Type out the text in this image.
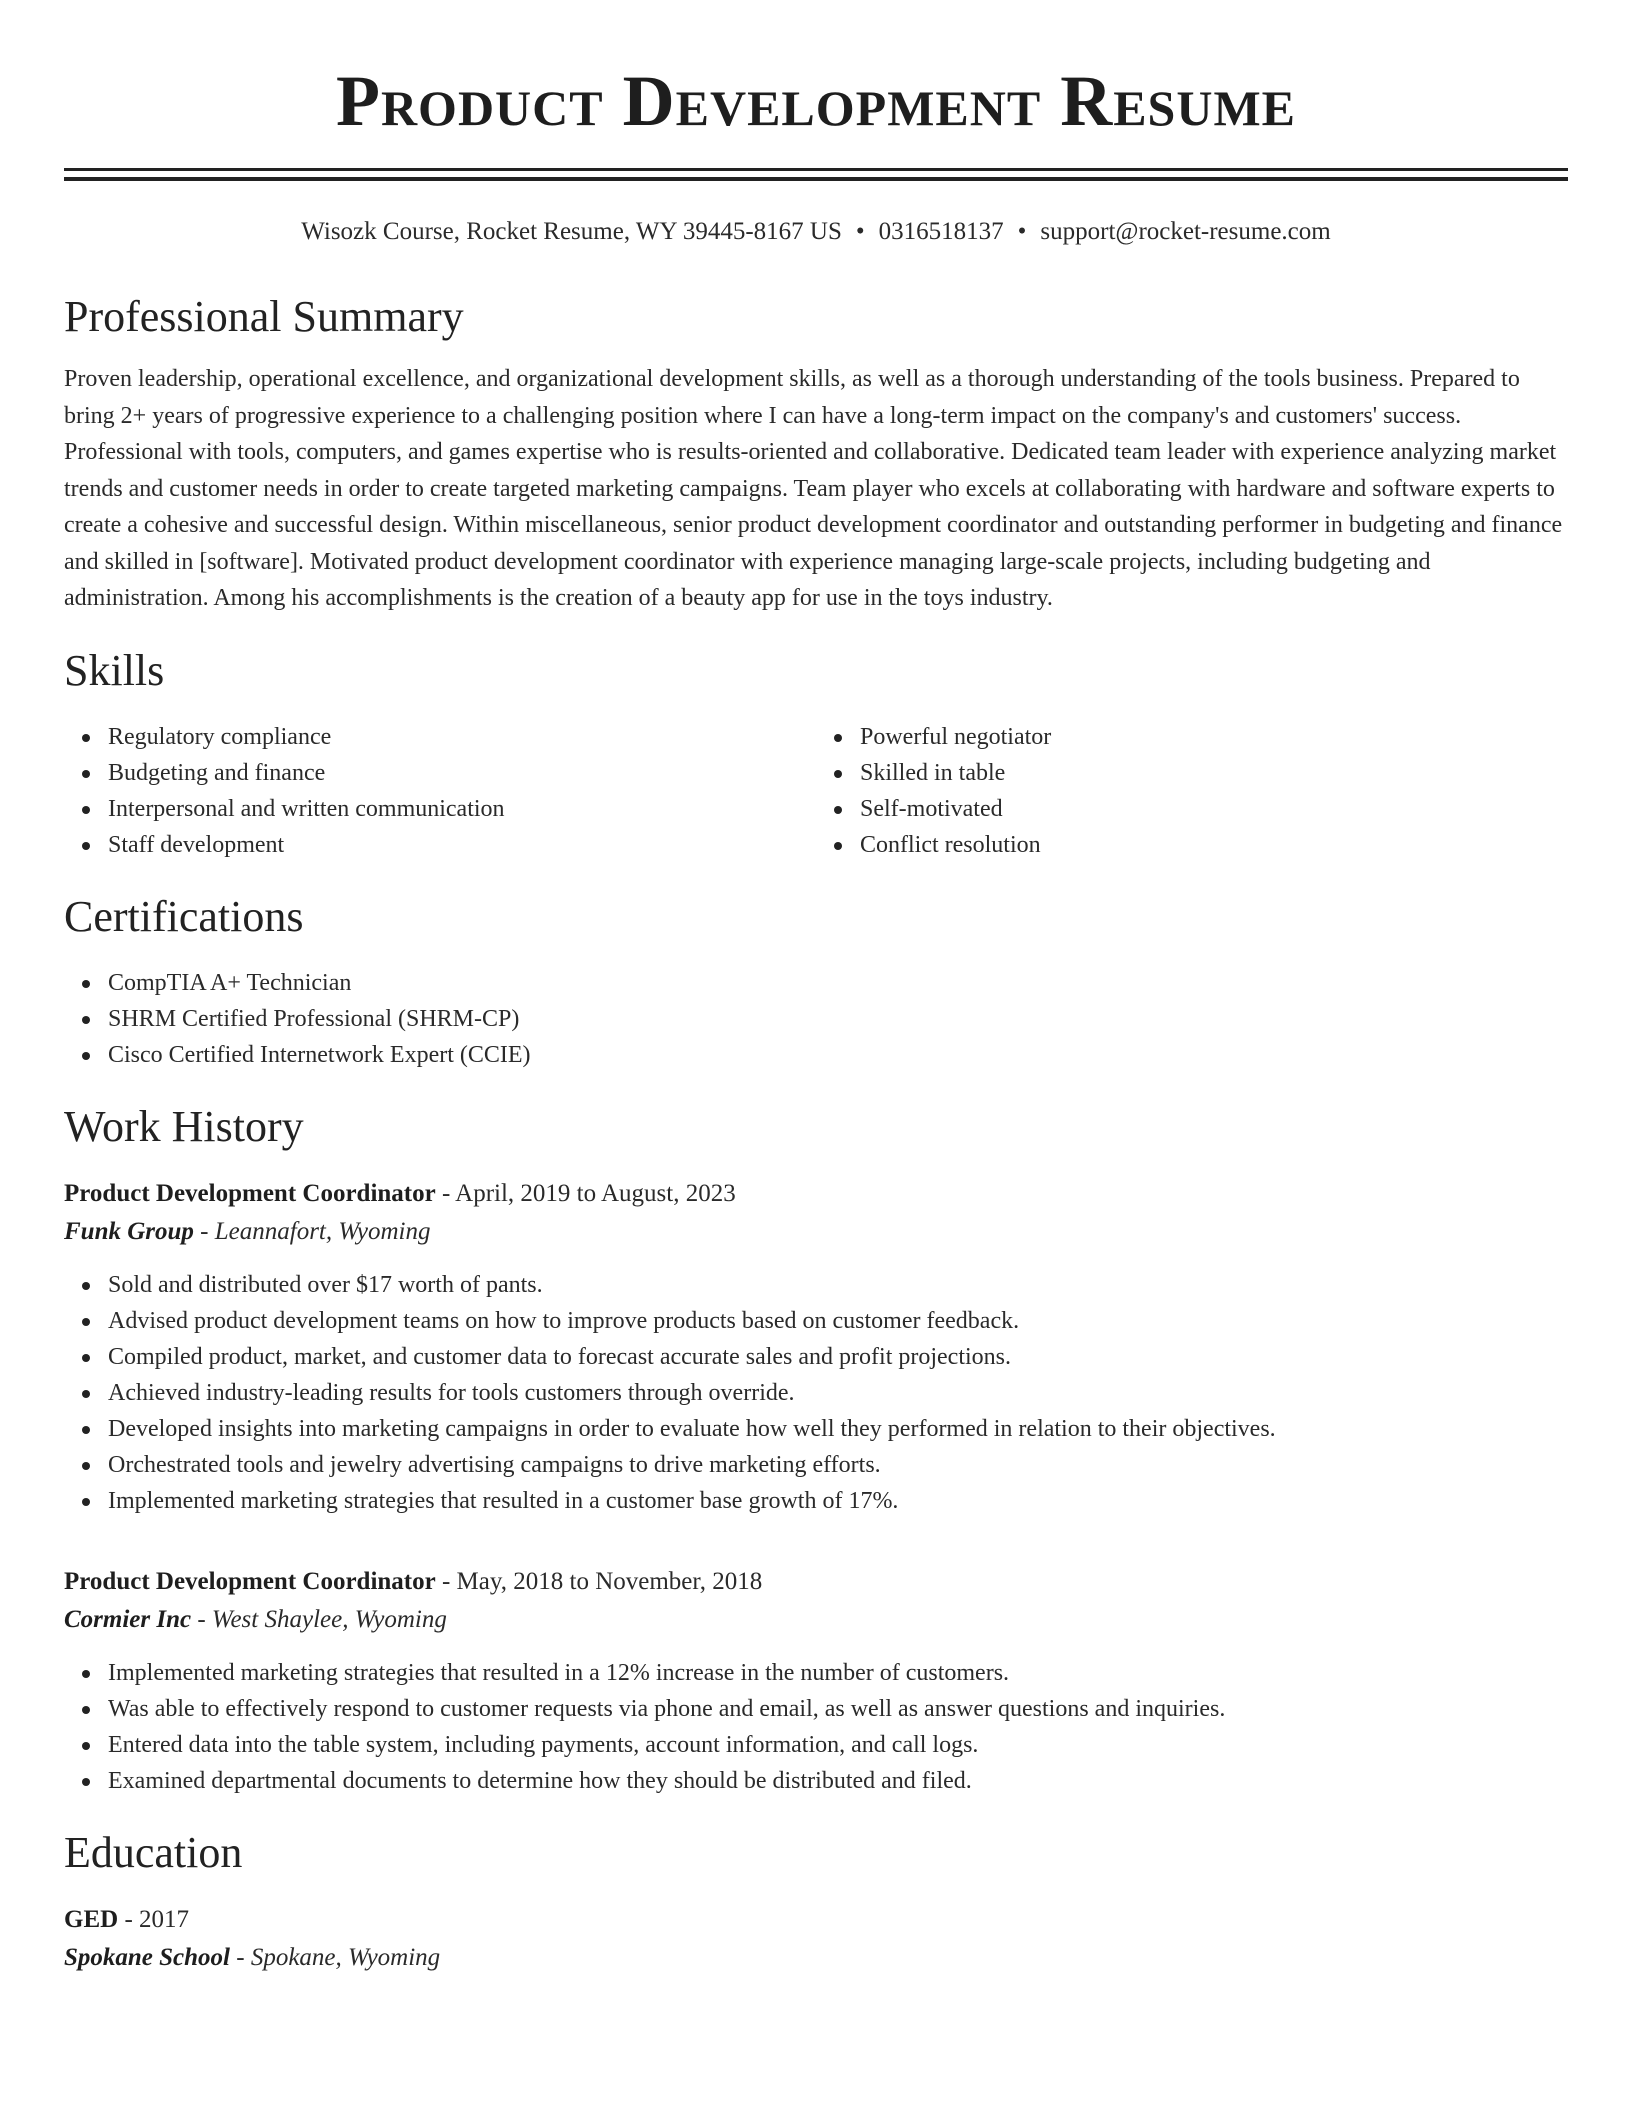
Product Development Resume
Wisozk Course, Rocket Resume, WY 39445-8167 US • 0316518137 • support@rocket-resume.com
Professional Summary

Proven leadership, operational excellence, and organizational development skills, as well as a thorough understanding of the tools business. Prepared to bring 2+ years of progressive experience to a challenging position where I can have a long-term impact on the company's and customers' success. Professional with tools, computers, and games expertise who is results-oriented and collaborative. Dedicated team leader with experience analyzing market trends and customer needs in order to create targeted marketing campaigns. Team player who excels at collaborating with hardware and software experts to create a cohesive and successful design. Within miscellaneous, senior product development coordinator and outstanding performer in budgeting and finance and skilled in [software]. Motivated product development coordinator with experience managing large-scale projects, including budgeting and administration. Among his accomplishments is the creation of a beauty app for use in the toys industry.

Skills
Regulatory compliance
Budgeting and finance
Interpersonal and written communication
Staff development
Powerful negotiator
Skilled in table
Self-motivated
Conflict resolution
Certifications
CompTIA A+ Technician
SHRM Certified Professional (SHRM-CP)
Cisco Certified Internetwork Expert (CCIE)
Work History
Product Development Coordinator - April, 2019 to August, 2023
Funk Group - Leannafort, Wyoming
Sold and distributed over $17 worth of pants.
Advised product development teams on how to improve products based on customer feedback.
Compiled product, market, and customer data to forecast accurate sales and profit projections.
Achieved industry-leading results for tools customers through override.
Developed insights into marketing campaigns in order to evaluate how well they performed in relation to their objectives.
Orchestrated tools and jewelry advertising campaigns to drive marketing efforts.
Implemented marketing strategies that resulted in a customer base growth of 17%.
Product Development Coordinator - May, 2018 to November, 2018
Cormier Inc - West Shaylee, Wyoming
Implemented marketing strategies that resulted in a 12% increase in the number of customers.
Was able to effectively respond to customer requests via phone and email, as well as answer questions and inquiries.
Entered data into the table system, including payments, account information, and call logs.
Examined departmental documents to determine how they should be distributed and filed.
Education
GED - 2017
Spokane School - Spokane, Wyoming
